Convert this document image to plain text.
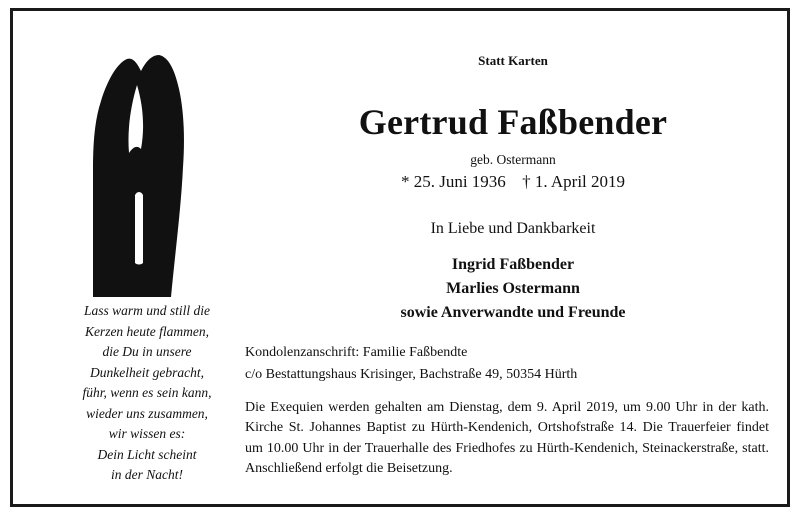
Lass warm und still die
Kerzen heute flammen,
die Du in unsere
Dunkelheit gebracht,
führ, wenn es sein kann,
wieder uns zusammen,
wir wissen es:
Dein Licht scheint
in der Nacht!
Statt Karten
Gertrud Faßbender
geb. Ostermann
* 25. Juni 1936 † 1. April 2019
In Liebe und Dankbarkeit
Ingrid Faßbender
Marlies Ostermann
sowie Anverwandte und Freunde
Kondolenzanschrift: Familie Faßbendte
c/o Bestattungshaus Krisinger, Bachstraße 49, 50354 Hürth
Die Exequien werden gehalten am Dienstag, dem 9. April 2019, um 9.00 Uhr in der kath. Kirche St. Johannes Baptist zu Hürth-Kendenich, Ortshofstraße 14. Die Trauerfeier findet um 10.00 Uhr in der Trauerhalle des Friedhofes zu Hürth-Kendenich, Steinackerstraße, statt. Anschließend erfolgt die Beisetzung.
